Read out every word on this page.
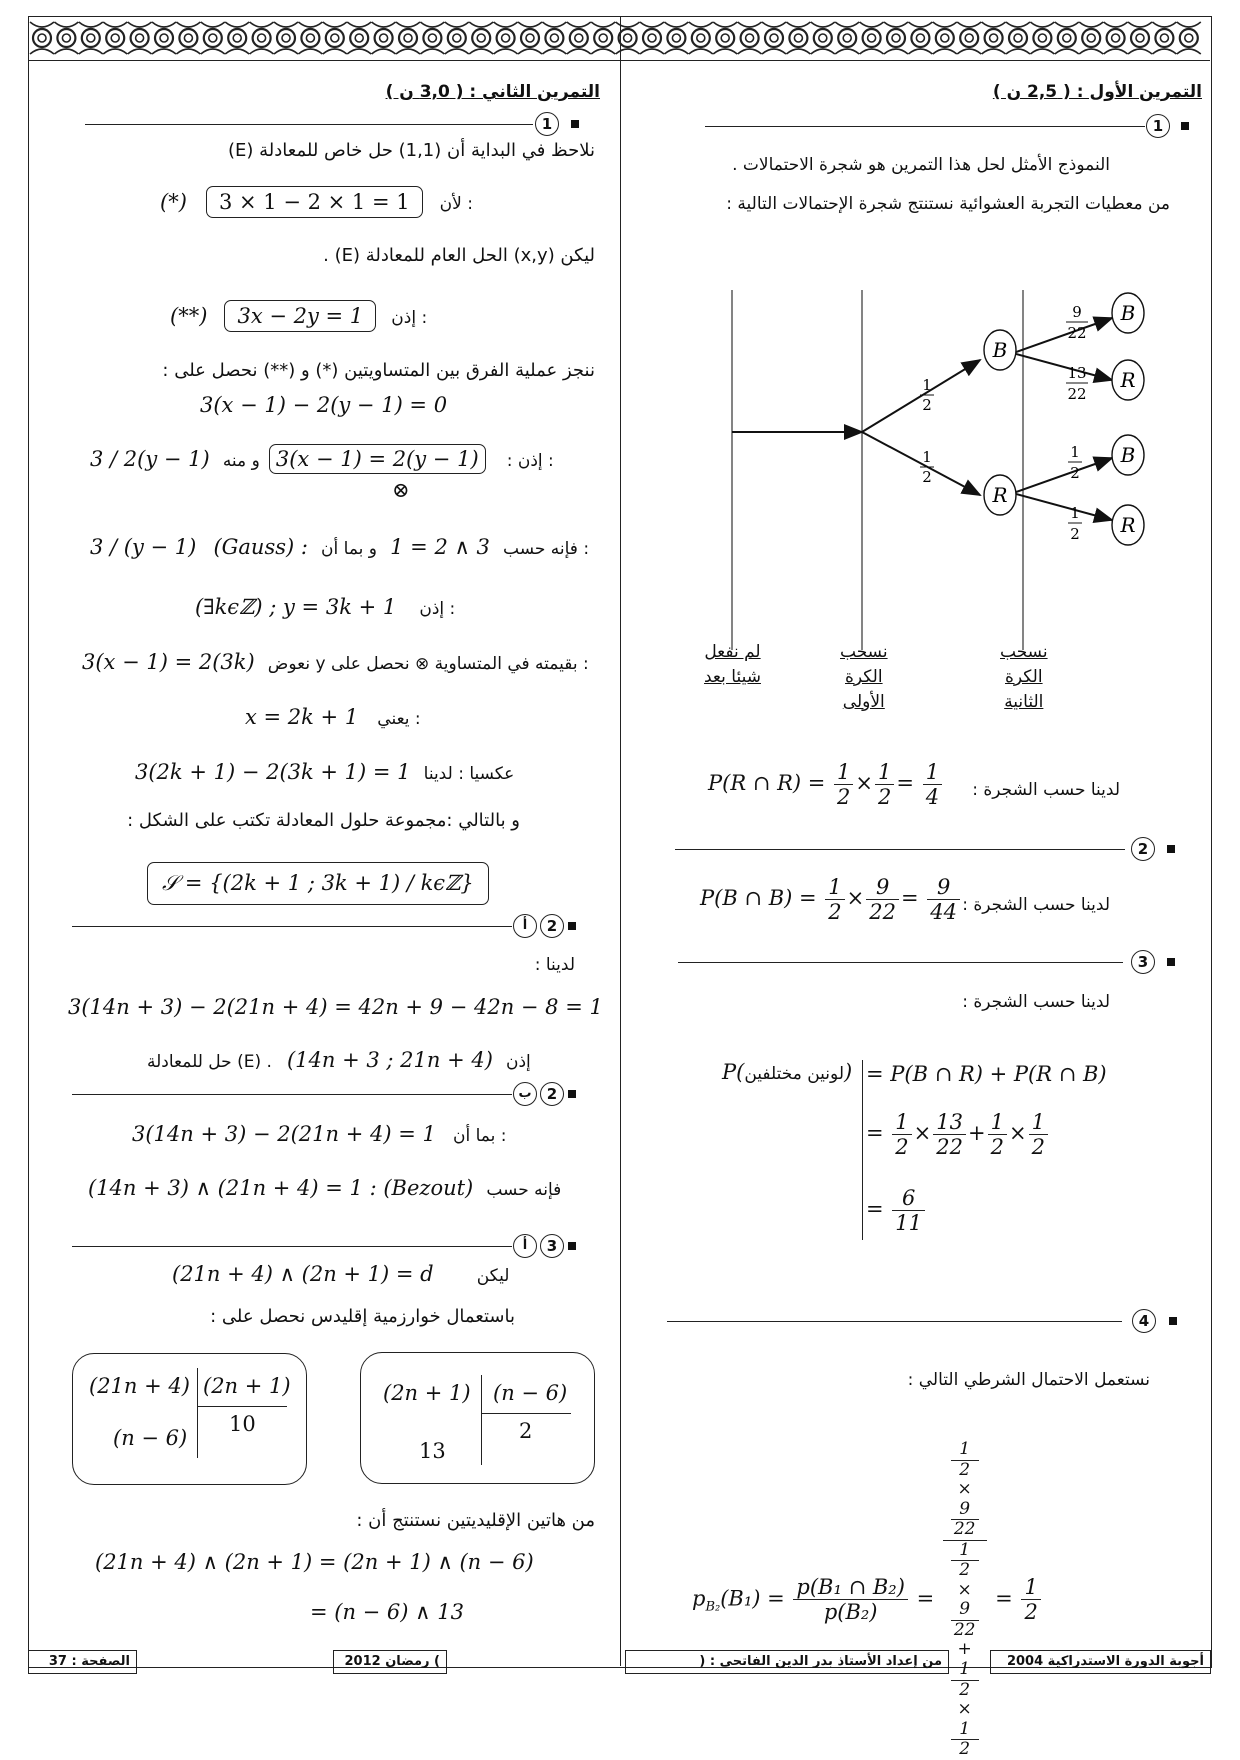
التمرين الأول : ( 2,5 ن )
1
النموذج الأمثل لحل هذا التمرين هو شجرة الاحتمالات .
من معطيات التجربة العشوائية نستنتج شجرة الإحتمالات التالية :
B
R
B
R
B
R
1
2
1
2
9
22
13
22
1
2
1
2
لم نفعل
شيئا بعد
نسحب
الكرة
الأولى
نسحب
الكرة
الثانية
لدينا حسب الشجرة :
P(R ∩ $R) = \frac{1}{2} \times \frac{1}{2} = \frac{1}{4}$
2
لدينا حسب الشجرة :
P(B ∩ $B) = \frac{1}{2} \times \frac{9}{22} = \frac{9}{44}$
3
لدينا حسب الشجرة :
P(لونين مختلفين) = P(B ∩ R) + P(R ∩ B)
= $\frac{1}{2} \times \frac{13}{22} + \frac{1}{2} \times \frac{1}{2}$
= $\frac{6}{11}$
4
نستعمل الاحتمال الشرطي التالي :
$p_{B_2}(B_1) = \frac{\text{p(B₁ ∩ B₂)}}{\text{p(B₂)}} = 1$
2
×
9
22
1
2
×
9
22
+
1
2
×
1
$2 = \frac{1}{2}$
التمرين الثاني : ( 3,0 ن )
1
نلاحظ في البداية أن (1,1) حل خاص للمعادلة (E)
(*) 3 × 1 − 2 × 1 = 1 لأن :
ليكن (x,y) الحل العام للمعادلة (E) .
(**) 3x − 2y = 1 إذن :
ننجز عملية الفرق بين المتساويتين (*) و (**) نحصل على :
3(x − 1) − 2(y − 1) = 0
3 / 2(y − 1)	إذن : 3(x − 1) = 2(y − 1) و منه :
⊗
3 / (y − 1) (Gauss) :	فإنه حسب 3 ∧ 2 = 1 و بما أن :
(∃kϵℤ) ; y = 3k + 1 إذن :
3(x − 1) = 2(3k) نعوض y بقيمته في المتساوية ⊗ نحصل على :
x = 2k + 1 يعني :
3(2k + 1) − 2(3k + 1) = 1 عكسيا : لدينا
و بالتالي :مجموعة حلول المعادلة تكتب على الشكل :
𝒮 = {(2k + 1 ; 3k + 1) / kϵℤ}
أ	2
لدينا :
3(14n + 3) − 2(21n + 4) = 42n + 9 − 42n − 8 = 1
حل للمعادلة (E) . (14n + 3 ; 21n + 4) إذن
ب	2
3(14n + 3) − 2(21n + 4) = 1 بما أن :
(14n + 3) ∧ (21n + 4) = 1 : (Bezout) فإنه حسب
أ	3
(21n + 4) ∧ (2n + 1) = d	ليكن
باستعمال خوارزمية إقليدس نحصل على :
(21n + 4)
(n − 6)
(2n + 1)
10
(2n + 1)
13
(n − 6)
2
من هاتين الإقليديتين نستنتج أن :
(21n + 4) ∧ (2n + 1) = (2n + 1) ∧ (n − 6)
= (n − 6) ∧ 13
الصفحة : 37	) رمضان 2012	من إعداد الأستاذ بدر الدين الفاتحي : (	أجوبة الدورة الاستدراكية 2004
